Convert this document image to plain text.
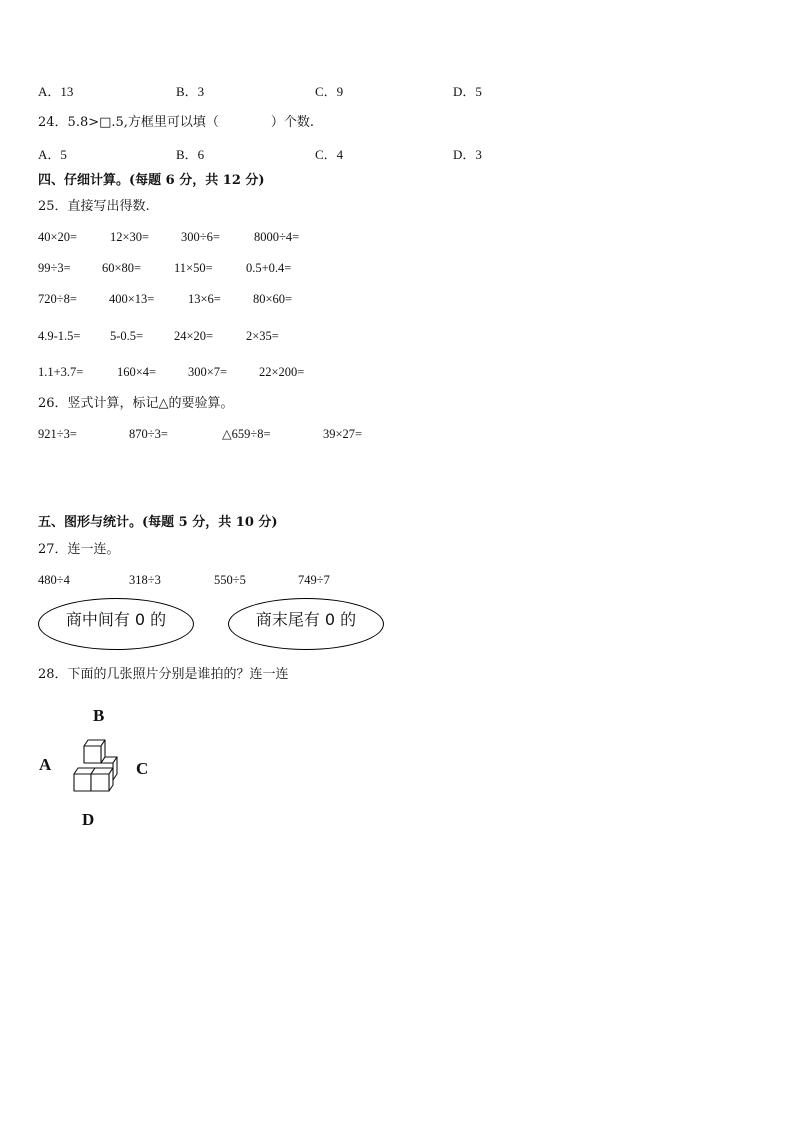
A．13	B．3	C．9	D．5
24．5.8>□.5,方框里可以填（　　　　）个数.
A．5	B．6	C．4	D．3
四、仔细计算。(每题 6 分，共 12 分)
25．直接写出得数.
40×20=	12×30=	300÷6=	8000÷4=
99÷3=	60×80=	11×50=	0.5+0.4=
720÷8=	400×13=	13×6=	80×60=
4.9-1.5= 5-0.5= 24×20=	2×35=
1.1+3.7=	160×4=	300×7=	22×200=
26．竖式计算，标记△的要验算。
921÷3=	870÷3=	△659÷8=	39×27=
五、图形与统计。(每题 5 分，共 10 分)
27．连一连。
480÷4	318÷3	550÷5	749÷7
商中间有 0 的	商末尾有 0 的
28．下面的几张照片分别是谁拍的？连一连
B
A	C
D
